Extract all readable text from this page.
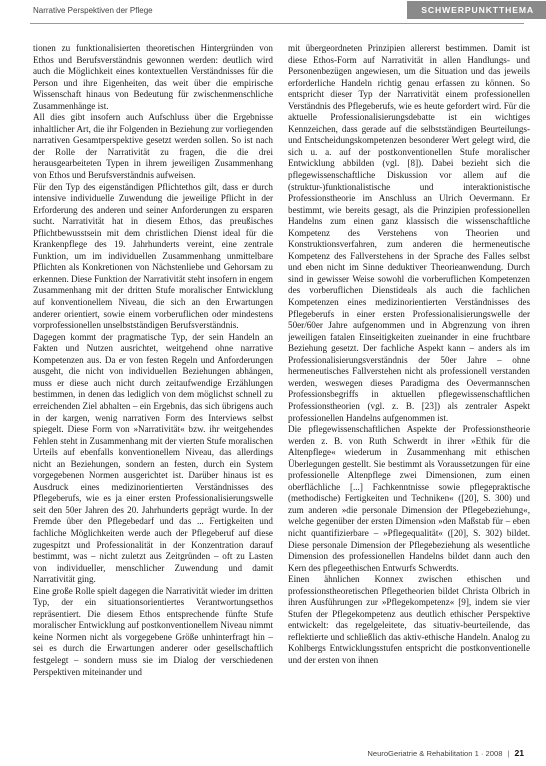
Narrative Perspektiven der Pflege	SCHWERPUNKTTHEMA

tionen zu funktionalisierten theoretischen Hintergründen von Ethos und Berufsverständnis gewonnen werden: deutlich wird auch die Möglichkeit eines kontextuellen Verständnisses für die Person und ihre Eigenheiten, das weit über die empirische Wissenschaft hinaus von Bedeutung für zwischenmenschliche Zusammenhänge ist.

All dies gibt insofern auch Aufschluss über die Ergebnisse inhaltlicher Art, die ihr Folgenden in Beziehung zur vorliegenden narrativen Gesamtperspektive gesetzt werden sollen. So ist nach der Rolle der Narrativität zu fragen, die die drei herausgearbeiteten Typen in ihrem jeweiligen Zusammenhang von Ethos und Berufsverständnis aufweisen.

Für den Typ des eigenständigen Pflichtethos gilt, dass er durch intensive individuelle Zuwendung die jeweilige Pflicht in der Erforderung des anderen und seiner Anforderungen zu ersparen sucht. Narrativität hat in diesem Ethos, das preußisches Pflichtbewusstsein mit dem christlichen Dienst ideal für die Krankenpflege des 19. Jahrhunderts vereint, eine zentrale Funktion, um im individuellen Zusammenhang unmittelbare Pflichten als Konkretionen von Nächstenliebe und Gehorsam zu erkennen. Diese Funktion der Narrativität steht insofern in engem Zusammenhang mit der dritten Stufe moralischer Entwicklung auf konventionellem Niveau, die sich an den Erwartungen anderer orientiert, sowie einem vorberuflichen oder mindestens vorprofessionellen unselbstständigen Berufsverständnis.

Dagegen kommt der pragmatische Typ, der sein Handeln an Fakten und Nutzen ausrichtet, weitgehend ohne narrative Kompetenzen aus. Da er von festen Regeln und Anforderungen ausgeht, die nicht von individuellen Beziehungen abhängen, muss er diese auch nicht durch zeitaufwendige Erzählungen bestimmen, in denen das lediglich von dem möglichst schnell zu erreichenden Ziel abhalten – ein Ergebnis, das sich übrigens auch in der kargen, wenig narrativen Form des Interviews selbst spiegelt. Diese Form von »Narrativität« bzw. ihr weitgehendes Fehlen steht in Zusammenhang mit der vierten Stufe moralischen Urteils auf ebenfalls konventionellem Niveau, das allerdings nicht an Beziehungen, sondern an festen, durch ein System vorgegebenen Normen ausgerichtet ist. Darüber hinaus ist es Ausdruck eines medizinorientierten Verständnisses des Pflegeberufs, wie es ja einer ersten Professionalisierungswelle seit den 50er Jahren des 20. Jahrhunderts geprägt wurde. In der Fremde über den Pflegebedarf und das ... Fertigkeiten und fachliche Möglichkeiten werde auch der Pflegeberuf auf diese zugespitzt und Professionalität in der Konzentration darauf bestimmt, was – nicht zuletzt aus Zeitgründen – oft zu Lasten von individueller, menschlicher Zuwendung und damit Narrativität ging.

Eine große Rolle spielt dagegen die Narrativität wieder im dritten Typ, der ein situationsorientiertes Verantwortungsethos repräsentiert. Die diesem Ethos entsprechende fünfte Stufe moralischer Entwicklung auf postkonventionellem Niveau nimmt keine Normen nicht als vorgegebene Größe unhinterfragt hin – sei es durch die Erwartungen anderer oder gesellschaftlich festgelegt – sondern muss sie im Dialog der verschiedenen Perspektiven miteinander und

mit übergeordneten Prinzipien allererst bestimmen. Damit ist diese Ethos-Form auf Narrativität in allen Handlungs- und Personenbezügen angewiesen, um die Situation und das jeweils erforderliche Handeln richtig genau erfassen zu können. So entspricht dieser Typ der Narrativität einem professionellen Verständnis des Pflegeberufs, wie es heute gefordert wird. Für die aktuelle Professionalisierungsdebatte ist ein wichtiges Kennzeichen, dass gerade auf die selbstständigen Beurteilungs- und Entscheidungskompetenzen besonderer Wert gelegt wird, die sich u. a. auf der postkonventionellen Stufe moralischer Entwicklung abbilden (vgl. [8]). Dabei bezieht sich die pflegewissenschaftliche Diskussion vor allem auf die (struktur-)funktionalistische und interaktionistische Professionstheorie im Anschluss an Ulrich Oevermann. Er bestimmt, wie bereits gesagt, als die Prinzipien professionellen Handelns zum einen ganz klassisch die wissenschaftliche Kompetenz des Verstehens von Theorien und Konstruktionsverfahren, zum anderen die hermeneutische Kompetenz des Fallverstehens in der Sprache des Falles selbst und eben nicht im Sinne deduktiver Theorieanwendung. Durch sind in gewisser Weise sowohl die vorberuflichen Kompetenzen des vorberuflichen Dienstideals als auch die fachlichen Kompetenzen eines medizinorientierten Verständnisses des Pflegeberufs in einer ersten Professionalisierungswelle der 50er/60er Jahre aufgenommen und in Abgrenzung von ihren jeweiligen fatalen Einseitigkeiten zueinander in eine fruchtbare Beziehung gesetzt. Der fachliche Aspekt kann – anders als im Professionalisierungsverständnis der 50er Jahre – ohne hermeneutisches Fallverstehen nicht als professionell verstanden werden, weswegen dieses Paradigma des Oevermannschen Professionsbegriffs in aktuellen pflegewissenschaftlichen Professionstheorien (vgl. z. B. [23]) als zentraler Aspekt professionellen Handelns aufgenommen ist.

Die pflegewissenschaftlichen Aspekte der Professionstheorie werden z. B. von Ruth Schwerdt in ihrer »Ethik für die Altenpflege« wiederum in Zusammenhang mit ethischen Überlegungen gestellt. Sie bestimmt als Voraussetzungen für eine professionelle Altenpflege zwei Dimensionen, zum einen oberflächliche [...] Fachkenntnisse sowie pflegepraktische (methodische) Fertigkeiten und Techniken« ([20], S. 300) und zum anderen »die personale Dimension der Pflegebeziehung«, welche gegenüber der ersten Dimension »den Maßstab für – eben nicht quantifizierbare – »Pflegequalität« ([20], S. 302) bildet. Diese personale Dimension der Pflegebeziehung als wesentliche Dimension des professionellen Handelns bildet dann auch den Kern des pflegeethischen Entwurfs Schwerdts.

Einen ähnlichen Konnex zwischen ethischen und professionstheoretischen Pflegetheorien bildet Christa Olbrich in ihren Ausführungen zur »Pflegekompetenz« [9], indem sie vier Stufen der Pflegekompetenz aus deutlich ethischer Perspektive entwickelt: das regelgeleitete, das situativ-beurteilende, das reflektierte und schließlich das aktiv-ethische Handeln. Analog zu Kohlbergs Entwicklungsstufen entspricht die postkonventionelle und der ersten von ihnen

NeuroGeriatrie & Rehabilitation 1 · 2008 | 21
